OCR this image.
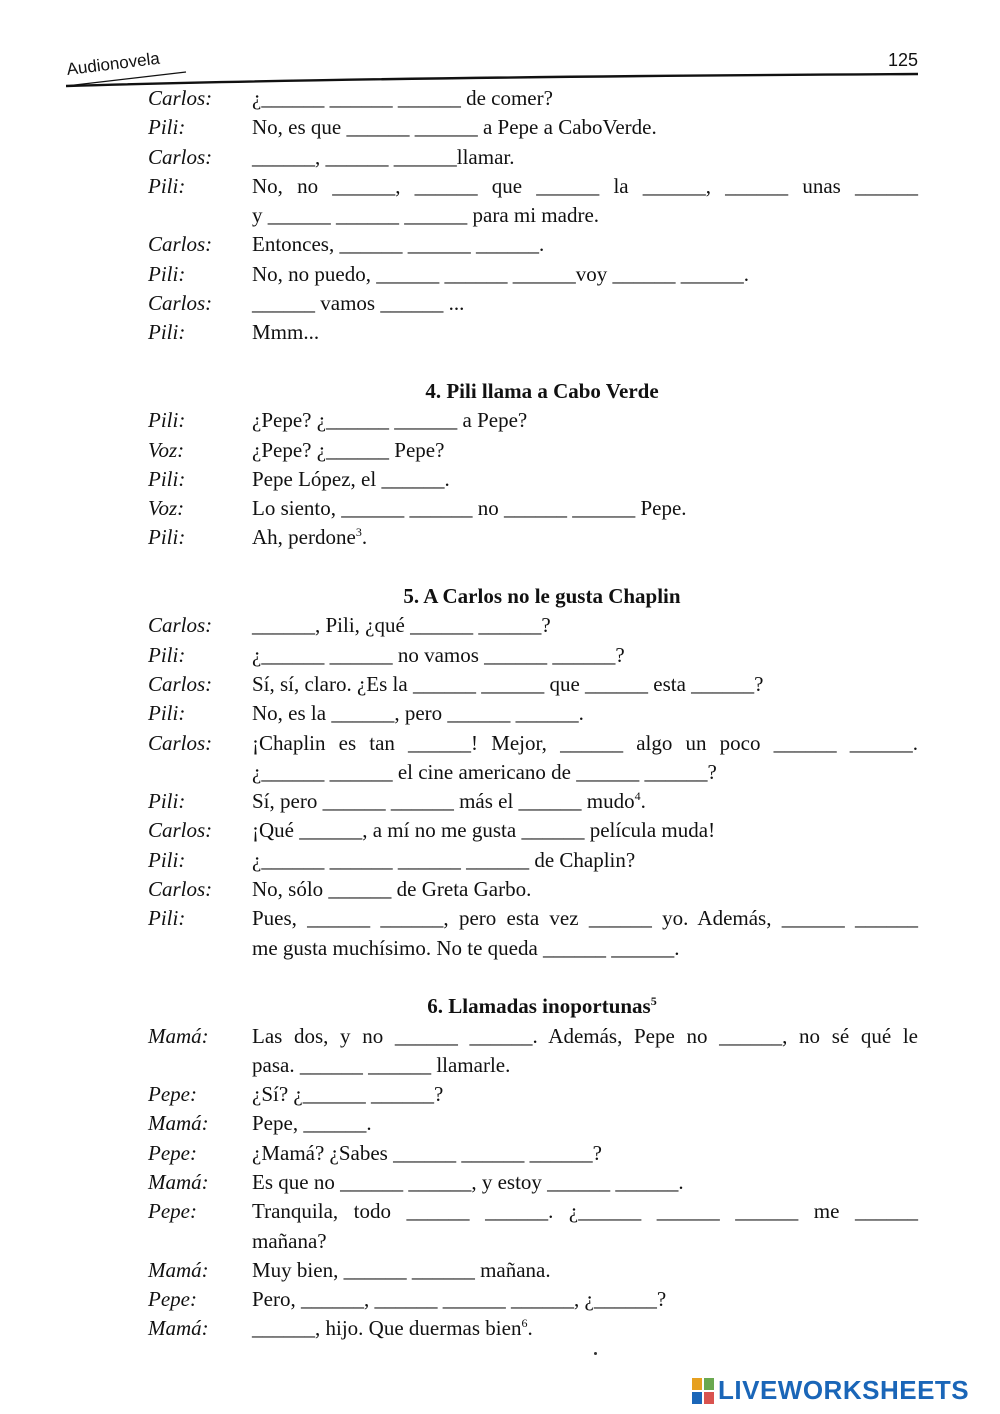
Audionovela	125
Carlos:	¿______ ______ ______ de comer?
Pili:	No, es que ______ ______ a Pepe a CaboVerde.
Carlos:	______, ______ ______llamar.
Pili:	No, no ______, ______ que ______ la ______, ______ unas ______
y ______ ______ ______ para mi madre.
Carlos:	Entonces, ______ ______ ______.
Pili:	No, no puedo, ______ ______ ______voy ______ ______.
Carlos:	______ vamos ______ ...
Pili:	Mmm...
4. Pili llama a Cabo Verde
Pili:	¿Pepe? ¿______ ______ a Pepe?
Voz:	¿Pepe? ¿______ Pepe?
Pili:	Pepe López, el ______.
Voz:	Lo siento, ______ ______ no ______ ______ Pepe.
Pili:	Ah, perdone$^3$.
5. A Carlos no le gusta Chaplin
Carlos:	______, Pili, ¿qué ______ ______?
Pili:	¿______ ______ no vamos ______ ______?
Carlos:	Sí, sí, claro. ¿Es la ______ ______ que ______ esta ______?
Pili:	No, es la ______, pero ______ ______.
Carlos:	¡Chaplin es tan ______! Mejor, ______ algo un poco ______ ______.
¿______ ______ el cine americano de ______ ______?
Pili:	Sí, pero ______ ______ más el ______ mudo$^4$.
Carlos:	¡Qué ______, a mí no me gusta ______ película muda!
Pili:	¿______ ______ ______ ______ de Chaplin?
Carlos:	No, sólo ______ de Greta Garbo.
Pili:	Pues, ______ ______, pero esta vez ______ yo. Además, ______ ______
me gusta muchísimo. No te queda ______ ______.
6. Llamadas inoportunas$^5$
Mamá:	Las dos, y no ______ ______. Además, Pepe no ______, no sé qué le
pasa. ______ ______ llamarle.
Pepe:	¿Sí? ¿______ ______?
Mamá:	Pepe, ______.
Pepe:	¿Mamá? ¿Sabes ______ ______ ______?
Mamá:	Es que no ______ ______, y estoy ______ ______.
Pepe:	Tranquila, todo ______ ______. ¿______ ______ ______ me ______
mañana?
Mamá:	Muy bien, ______ ______ mañana.
Pepe:	Pero, ______, ______ ______ ______, ¿______?
Mamá:	______, hijo. Que duermas bien$^6$.
LIVEWORKSHEETS
